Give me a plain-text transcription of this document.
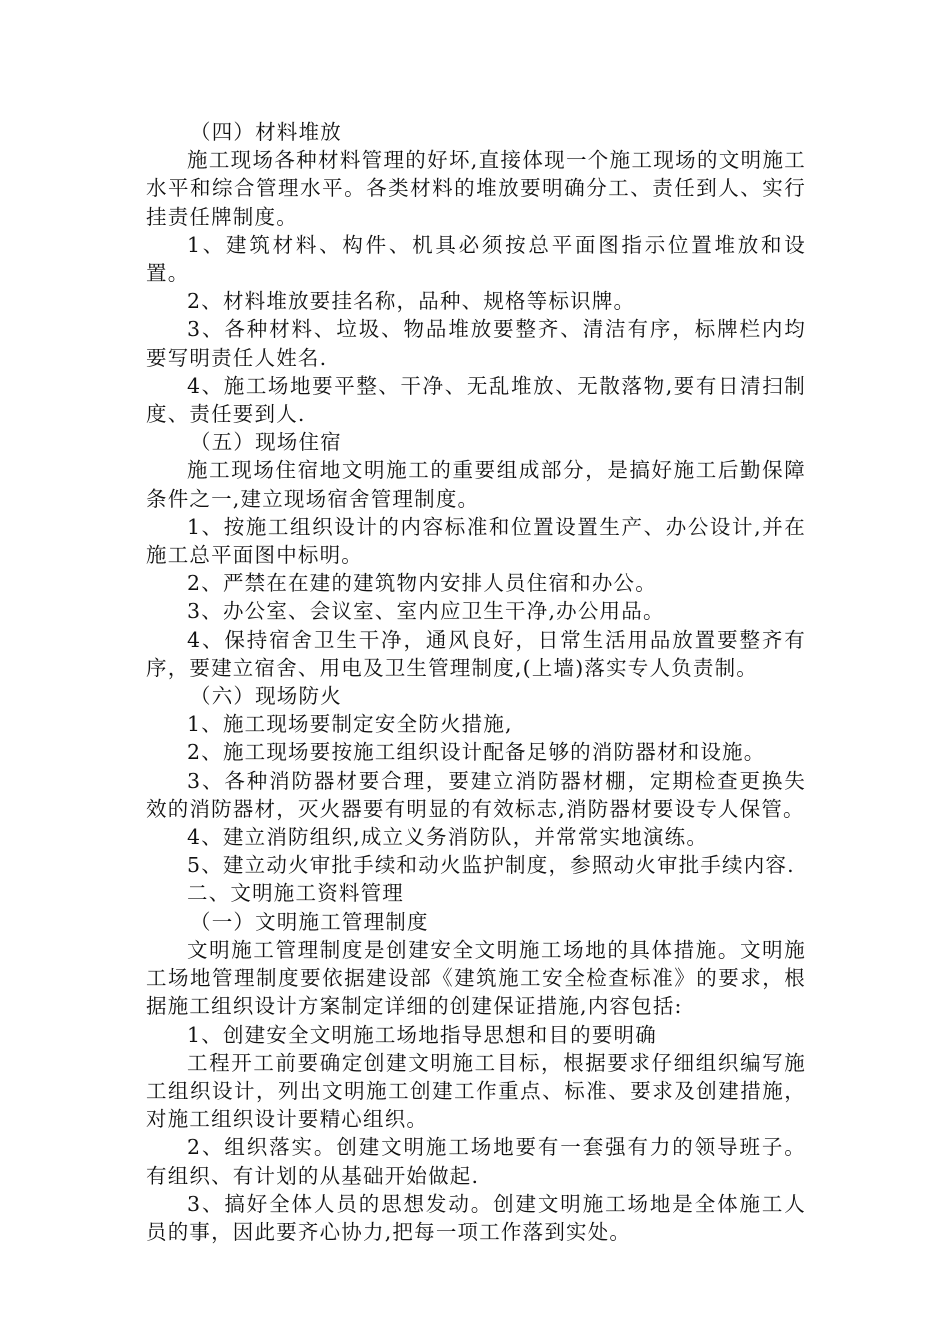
（四）材料堆放

施工现场各种材料管理的好坏,直接体现一个施工现场的文明施工水平和综合管理水平。各类材料的堆放要明确分工、责任到人、实行挂责任牌制度。

1、建筑材料、构件、机具必须按总平面图指示位置堆放和设置。

2、材料堆放要挂名称，品种、规格等标识牌。

3、各种材料、垃圾、物品堆放要整齐、清洁有序，标牌栏内均要写明责任人姓名.

4、施工场地要平整、干净、无乱堆放、无散落物,要有日清扫制度、责任要到人.

（五）现场住宿

施工现场住宿地文明施工的重要组成部分，是搞好施工后勤保障条件之一,建立现场宿舍管理制度。

1、按施工组织设计的内容标准和位置设置生产、办公设计,并在施工总平面图中标明。

2、严禁在在建的建筑物内安排人员住宿和办公。

3、办公室、会议室、室内应卫生干净,办公用品。

4、保持宿舍卫生干净，通风良好，日常生活用品放置要整齐有序，要建立宿舍、用电及卫生管理制度,(上墙)落实专人负责制。

（六）现场防火

1、施工现场要制定安全防火措施,

2、施工现场要按施工组织设计配备足够的消防器材和设施。

3、各种消防器材要合理，要建立消防器材棚，定期检查更换失效的消防器材，灭火器要有明显的有效标志,消防器材要设专人保管。

4、建立消防组织,成立义务消防队，并常常实地演练。

5、建立动火审批手续和动火监护制度，参照动火审批手续内容.

二、文明施工资料管理

（一）文明施工管理制度

文明施工管理制度是创建安全文明施工场地的具体措施。文明施工场地管理制度要依据建设部《建筑施工安全检查标准》的要求，根据施工组织设计方案制定详细的创建保证措施,内容包括:

1、创建安全文明施工场地指导思想和目的要明确

工程开工前要确定创建文明施工目标，根据要求仔细组织编写施工组织设计，列出文明施工创建工作重点、标准、要求及创建措施，对施工组织设计要精心组织。

2、组织落实。创建文明施工场地要有一套强有力的领导班子。有组织、有计划的从基础开始做起.

3、搞好全体人员的思想发动。创建文明施工场地是全体施工人员的事，因此要齐心协力,把每一项工作落到实处。
